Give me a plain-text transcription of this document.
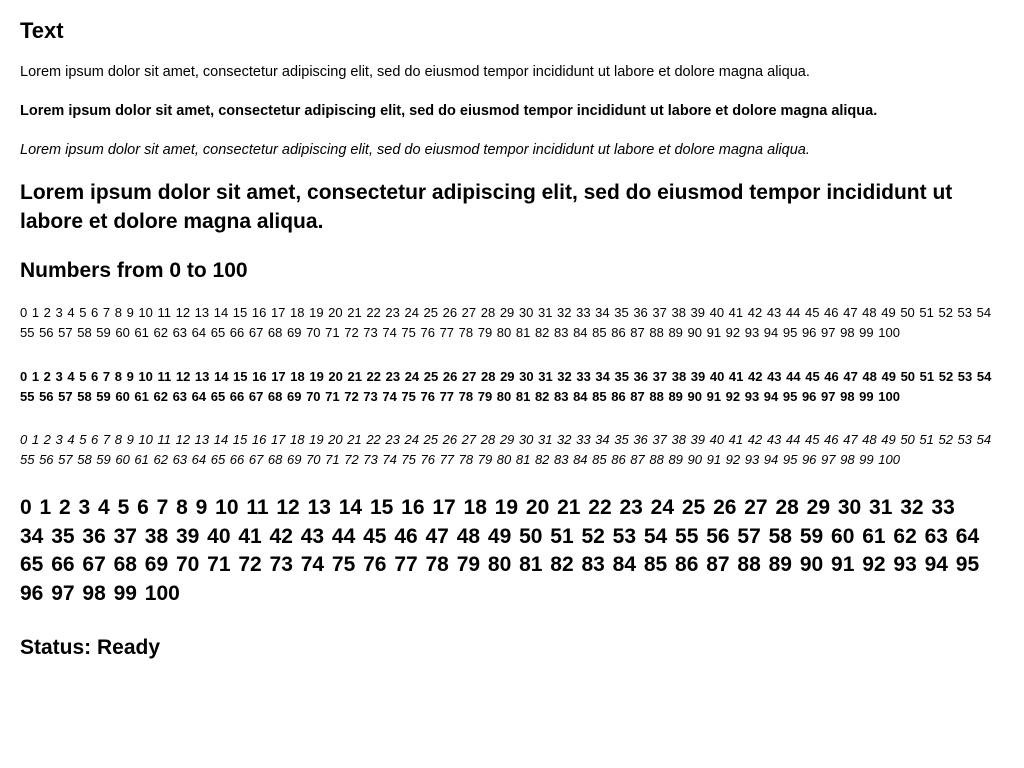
Text

Lorem ipsum dolor sit amet, consectetur adipiscing elit, sed do eiusmod tempor incididunt ut labore et dolore magna aliqua.

Lorem ipsum dolor sit amet, consectetur adipiscing elit, sed do eiusmod tempor incididunt ut labore et dolore magna aliqua.

Lorem ipsum dolor sit amet, consectetur adipiscing elit, sed do eiusmod tempor incididunt ut labore et dolore magna aliqua.

Lorem ipsum dolor sit amet, consectetur adipiscing elit, sed do eiusmod tempor incididunt ut labore et dolore magna aliqua.

Numbers from 0 to 100
0 1 2 3 4 5 6 7 8 9 10 11 12 13 14 15 16 17 18 19 20 21 22 23 24 25 26 27 28 29 30 31 32 33 34 35 36 37 38 39 40 41 42 43 44 45 46 47 48 49 50 51 52 53 54 55 56 57 58 59 60 61 62 63 64 65 66 67 68 69 70 71 72 73 74 75 76 77 78 79 80 81 82 83 84 85 86 87 88 89 90 91 92 93 94 95 96 97 98 99 100
0 1 2 3 4 5 6 7 8 9 10 11 12 13 14 15 16 17 18 19 20 21 22 23 24 25 26 27 28 29 30 31 32 33 34 35 36 37 38 39 40 41 42 43 44 45 46 47 48 49 50 51 52 53 54 55 56 57 58 59 60 61 62 63 64 65 66 67 68 69 70 71 72 73 74 75 76 77 78 79 80 81 82 83 84 85 86 87 88 89 90 91 92 93 94 95 96 97 98 99 100
0 1 2 3 4 5 6 7 8 9 10 11 12 13 14 15 16 17 18 19 20 21 22 23 24 25 26 27 28 29 30 31 32 33 34 35 36 37 38 39 40 41 42 43 44 45 46 47 48 49 50 51 52 53 54 55 56 57 58 59 60 61 62 63 64 65 66 67 68 69 70 71 72 73 74 75 76 77 78 79 80 81 82 83 84 85 86 87 88 89 90 91 92 93 94 95 96 97 98 99 100
0 1 2 3 4 5 6 7 8 9 10 11 12 13 14 15 16 17 18 19 20 21 22 23 24 25 26 27 28 29 30 31 32 33 34 35 36 37 38 39 40 41 42 43 44 45 46 47 48 49 50 51 52 53 54 55 56 57 58 59 60 61 62 63 64 65 66 67 68 69 70 71 72 73 74 75 76 77 78 79 80 81 82 83 84 85 86 87 88 89 90 91 92 93 94 95 96 97 98 99 100
Status: Ready
